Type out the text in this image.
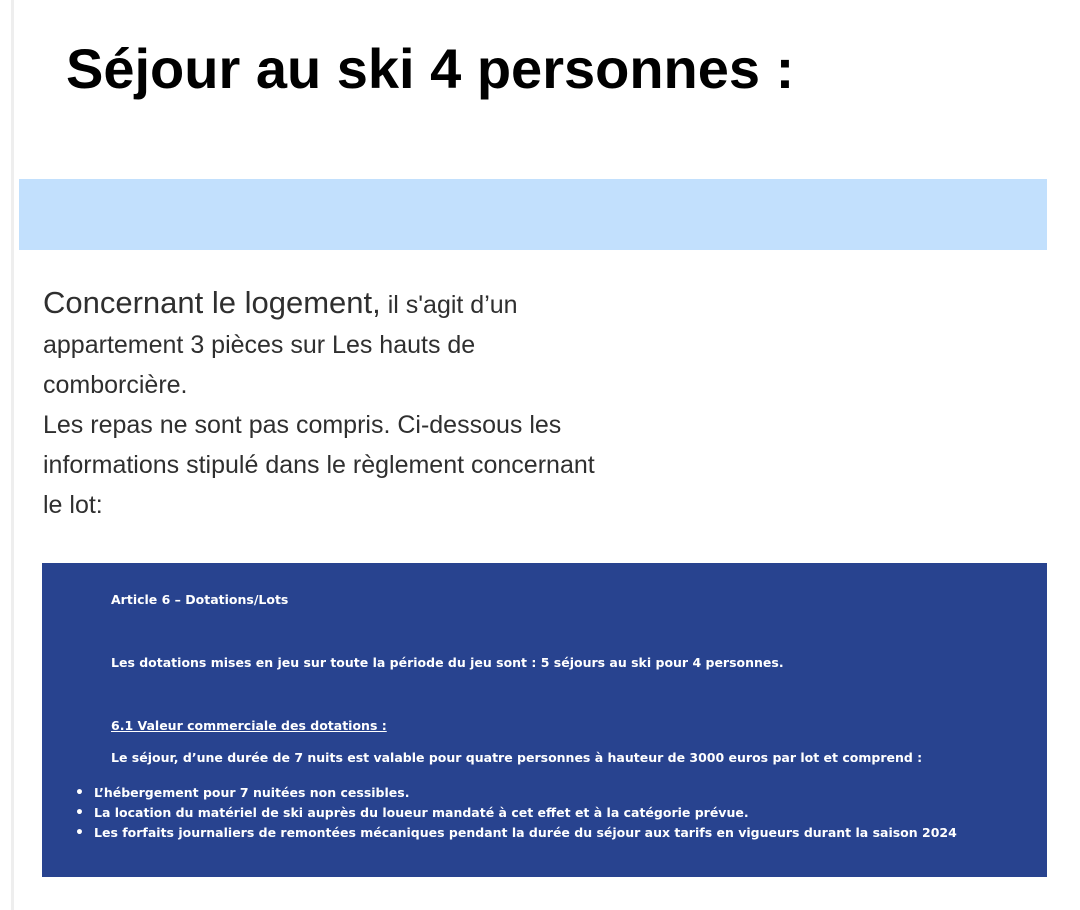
Séjour au ski 4 personnes :
Concernant le logement, il s'agit d’un
appartement 3 pièces sur Les hauts de
comborcière.
Les repas ne sont pas compris. Ci-dessous les
informations stipulé dans le règlement concernant
le lot:
Article 6 – Dotations/Lots
Les dotations mises en jeu sur toute la période du jeu sont : 5 séjours au ski pour 4 personnes.
6.1 Valeur commerciale des dotations :
Le séjour, d’une durée de 7 nuits est valable pour quatre personnes à hauteur de 3000 euros par lot et comprend :
• L’hébergement pour 7 nuitées non cessibles.
• La location du matériel de ski auprès du loueur mandaté à cet effet et à la catégorie prévue.
• Les forfaits journaliers de remontées mécaniques pendant la durée du séjour aux tarifs en vigueurs durant la saison 2024
